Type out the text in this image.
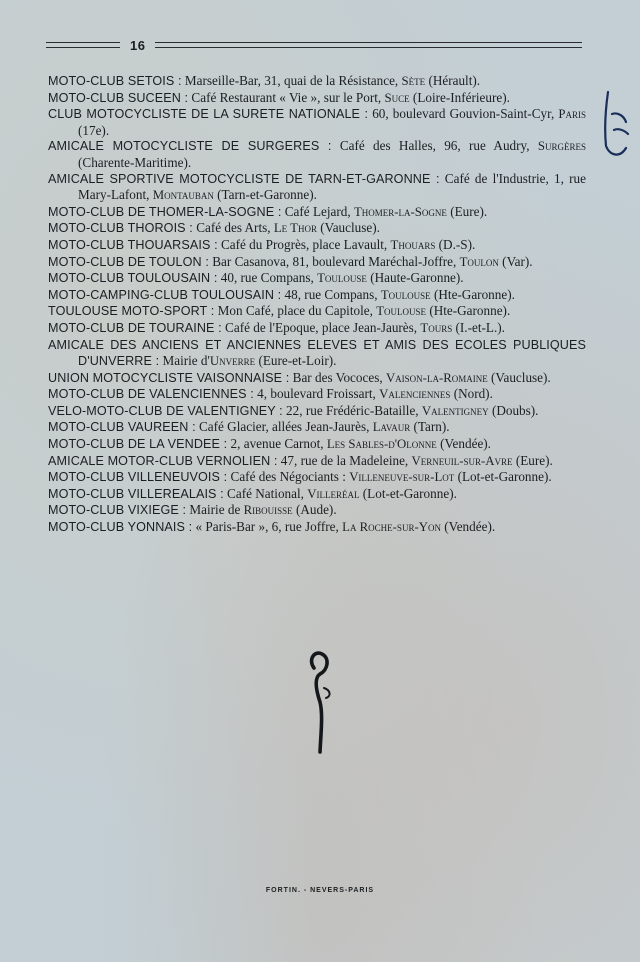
16

MOTO-CLUB SETOIS : Marseille-Bar, 31, quai de la Résistance, Sète (Hérault).

MOTO-CLUB SUCEEN : Café Restaurant « Vie », sur le Port, Suce (Loire-Inférieure).

CLUB MOTOCYCLISTE DE LA SURETE NATIONALE : 60, boulevard Gouvion-Saint-Cyr, Paris (17e).

AMICALE MOTOCYCLISTE DE SURGERES : Café des Halles, 96, rue Audry, Surgères (Charente-Maritime).

AMICALE SPORTIVE MOTOCYCLISTE DE TARN-ET-GARONNE : Café de l'Industrie, 1, rue Mary-Lafont, Montauban (Tarn-et-Garonne).

MOTO-CLUB DE THOMER-LA-SOGNE : Café Lejard, Thomer-la-Sogne (Eure).

MOTO-CLUB THOROIS : Café des Arts, Le Thor (Vaucluse).

MOTO-CLUB THOUARSAIS : Café du Progrès, place Lavault, Thouars (D.-S).

MOTO-CLUB DE TOULON : Bar Casanova, 81, boulevard Maréchal-Joffre, Toulon (Var).

MOTO-CLUB TOULOUSAIN : 40, rue Compans, Toulouse (Haute-Garonne).

MOTO-CAMPING-CLUB TOULOUSAIN : 48, rue Compans, Toulouse (Hte-Garonne).

TOULOUSE MOTO-SPORT : Mon Café, place du Capitole, Toulouse (Hte-Garonne).

MOTO-CLUB DE TOURAINE : Café de l'Epoque, place Jean-Jaurès, Tours (I.-et-L.).

AMICALE DES ANCIENS ET ANCIENNES ELEVES ET AMIS DES ECOLES PUBLIQUES D'UNVERRE : Mairie d'Unverre (Eure-et-Loir).

UNION MOTOCYCLISTE VAISONNAISE : Bar des Vococes, Vaison-la-Romaine (Vaucluse).

MOTO-CLUB DE VALENCIENNES : 4, boulevard Froissart, Valenciennes (Nord).

VELO-MOTO-CLUB DE VALENTIGNEY : 22, rue Frédéric-Bataille, Valentigney (Doubs).

MOTO-CLUB VAUREEN : Café Glacier, allées Jean-Jaurès, Lavaur (Tarn).

MOTO-CLUB DE LA VENDEE : 2, avenue Carnot, Les Sables-d'Olonne (Vendée).

AMICALE MOTOR-CLUB VERNOLIEN : 47, rue de la Madeleine, Verneuil-sur-Avre (Eure).

MOTO-CLUB VILLENEUVOIS : Café des Négociants : Villeneuve-sur-Lot (Lot-et-Garonne).

MOTO-CLUB VILLEREALAIS : Café National, Villeréal (Lot-et-Garonne).

MOTO-CLUB VIXIEGE : Mairie de Ribouisse (Aude).

MOTO-CLUB YONNAIS : « Paris-Bar », 6, rue Joffre, La Roche-sur-Yon (Vendée).

FORTIN. - NEVERS-PARIS
